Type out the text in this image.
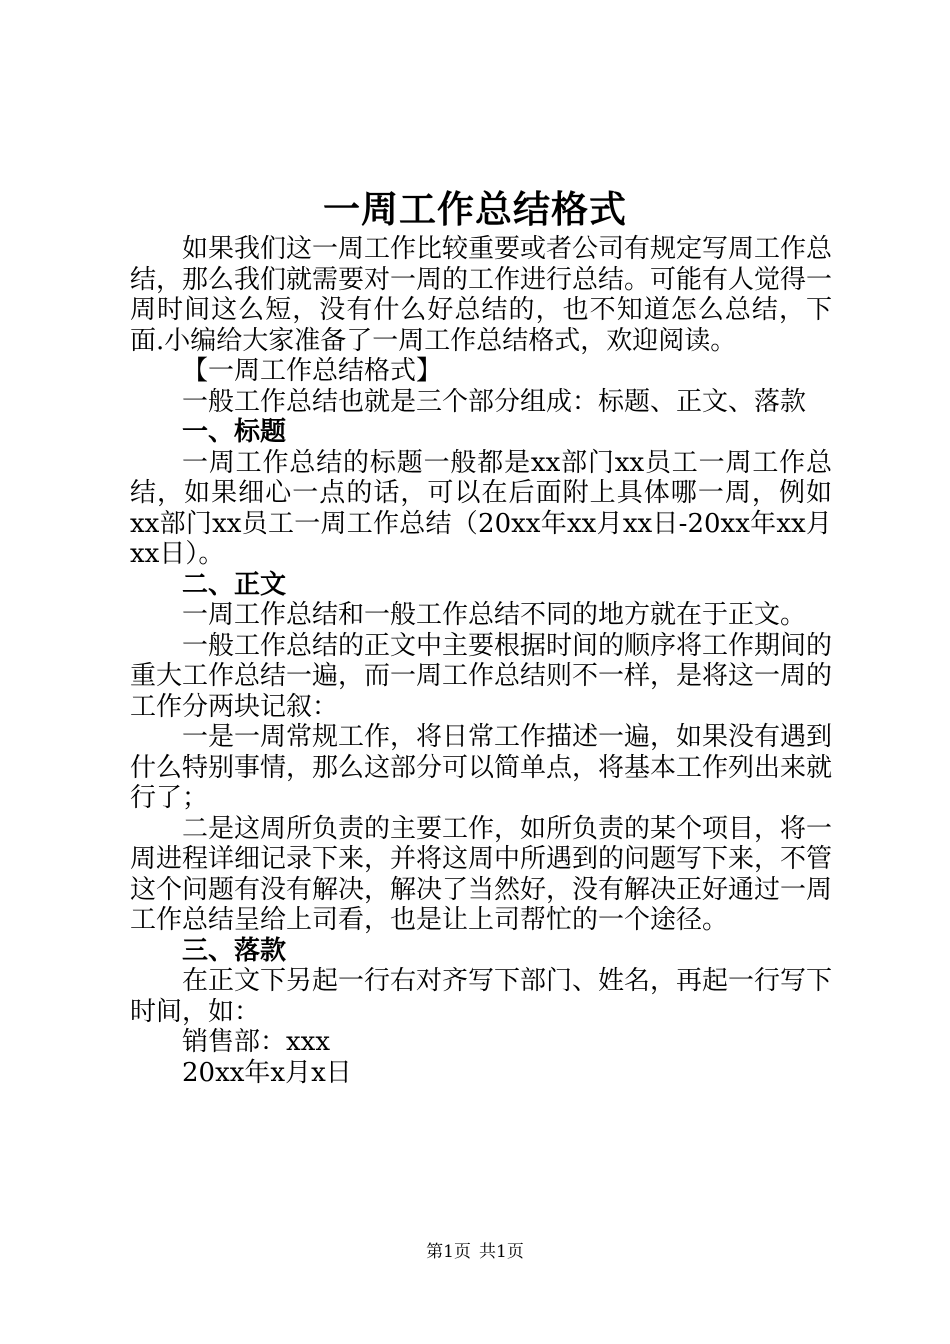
一周工作总结格式

如果我们这一周工作比较重要或者公司有规定写周工作总结，那么我们就需要对一周的工作进行总结。可能有人觉得一周时间这么短，没有什么好总结的，也不知道怎么总结，下面.小编给大家准备了一周工作总结格式，欢迎阅读。

【一周工作总结格式】

一般工作总结也就是三个部分组成：标题、正文、落款

一、标题

一周工作总结的标题一般都是xx部门xx员工一周工作总结，如果细心一点的话，可以在后面附上具体哪一周，例如xx部门xx员工一周工作总结（20xx年xx月xx日-20xx年xx月xx日）。

二、正文

一周工作总结和一般工作总结不同的地方就在于正文。

一般工作总结的正文中主要根据时间的顺序将工作期间的重大工作总结一遍，而一周工作总结则不一样，是将这一周的工作分两块记叙：

一是一周常规工作，将日常工作描述一遍，如果没有遇到什么特别事情，那么这部分可以简单点，将基本工作列出来就行了；

二是这周所负责的主要工作，如所负责的某个项目，将一周进程详细记录下来，并将这周中所遇到的问题写下来，不管这个问题有没有解决，解决了当然好，没有解决正好通过一周工作总结呈给上司看，也是让上司帮忙的一个途径。

三、落款

在正文下另起一行右对齐写下部门、姓名，再起一行写下时间，如：

销售部：xxx

20xx年x月x日

第1页 共1页
